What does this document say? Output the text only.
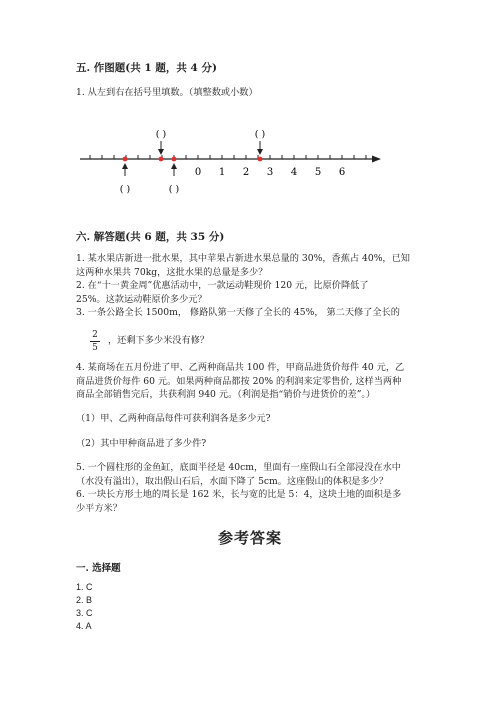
五. 作图题(共 1 题，共 4 分)
1. 从左到右在括号里填数。（填整数或小数）
( )	( )
( )	( )
0 1 2 3 4 5 6
六. 解答题(共 6 题，共 35 分)
1. 某水果店新进一批水果，其中苹果占新进水果总量的 30%，香蕉占 40%，已知
这两种水果共 70kg，这批水果的总量是多少？
2. 在“十一黄金周”优惠活动中，一款运动鞋现价 120 元，比原价降低了
25%。这款运动鞋原价多少元？
3. 一条公路全长 1500m， 修路队第一天修了全长的 45%， 第二天修了全长的
2
5
，还剩下多少米没有修？
4. 某商场在五月份进了甲、乙两种商品共 100 件，甲商品进货价每件 40 元，乙
商品进货价每件 60 元。如果两种商品都按 20% 的利润来定零售价, 这样当两种
商品全部销售完后，共获利润 940 元。（利润是指“销价与进货价的差”。）
（1）甲、乙两种商品每件可获利润各是多少元?
（2）其中甲种商品进了多少件?
5. 一个圆柱形的金鱼缸，底面半径是 40cm，里面有一座假山石全部浸没在水中
（水没有溢出），取出假山石后，水面下降了 5cm。这座假山的体积是多少？
6. 一块长方形土地的周长是 162 米，长与宽的比是 5：4，这块土地的面积是多
少平方米？
参考答案
一. 选择题
1. C
2. B
3. C
4. A
